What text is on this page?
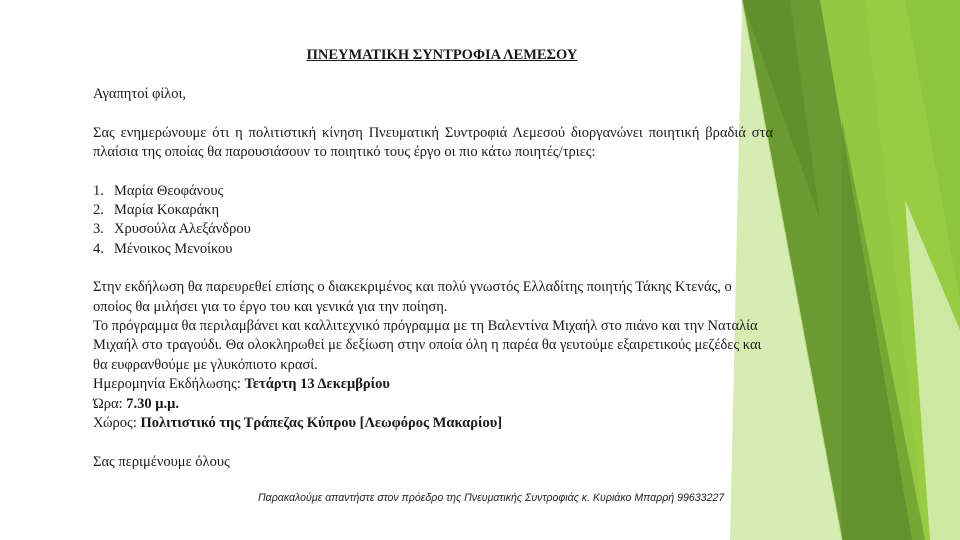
ΠΝΕΥΜΑΤΙΚΗ ΣΥΝΤΡΟΦΙΑ ΛΕΜΕΣΟΥ

Αγαπητοί φίλοι,

Σας ενημερώνουμε ότι η πολιτιστική κίνηση Πνευματική Συντροφιά Λεμεσού διοργανώνει ποιητική βραδιά στα πλαίσια της οποίας θα παρουσιάσουν το ποιητικό τους έργο οι πιο κάτω ποιητές/τριες:

1. Μαρία Θεοφάνους
2. Μαρία Κοκαράκη
3. Χρυσούλα Αλεξάνδρου
4. Μένοικος Μενοίκου

Στην εκδήλωση θα παρευρεθεί επίσης ο διακεκριμένος και πολύ γνωστός Ελλαδίτης ποιητής Τάκης Κτενάς, ο οποίος θα μιλήσει για το έργο του και γενικά για την ποίηση.

Το πρόγραμμα θα περιλαμβάνει και καλλιτεχνικό πρόγραμμα με τη Βαλεντίνα Μιχαήλ στο πιάνο και την Ναταλία Μιχαήλ στο τραγούδι. Θα ολοκληρωθεί με δεξίωση στην οποία όλη η παρέα θα γευτούμε εξαιρετικούς μεζέδες και θα ευφρανθούμε με γλυκόπιοτο κρασί.

Ημερομηνία Εκδήλωσης: Τετάρτη 13 Δεκεμβρίου

Ώρα: 7.30 μ.μ.

Χώρος: Πολιτιστικό της Τράπεζας Κύπρου [Λεωφόρος Μακαρίου]

Σας περιμένουμε όλους

Παρακαλούμε απαντήστε στον πρόεδρο της Πνευματικής Συντροφιάς κ. Κυριάκο Μπαρρή 99633227
